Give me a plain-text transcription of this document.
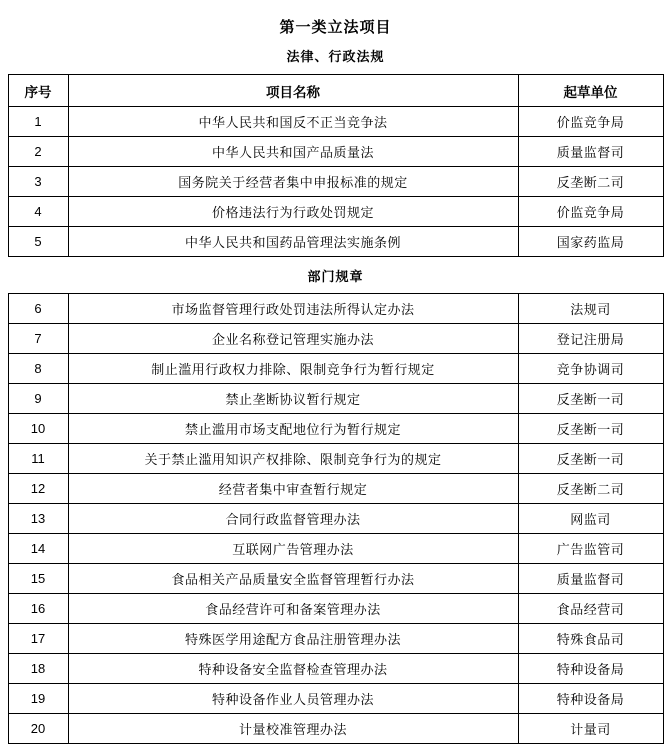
第一类立法项目
法律、行政法规
序号	项目名称	起草单位
1	中华人民共和国反不正当竞争法	价监竞争局
2	中华人民共和国产品质量法	质量监督司
3	国务院关于经营者集中申报标准的规定	反垄断二司
4	价格违法行为行政处罚规定	价监竞争局
5	中华人民共和国药品管理法实施条例	国家药监局
部门规章
6	市场监督管理行政处罚违法所得认定办法	法规司
7	企业名称登记管理实施办法	登记注册局
8	制止滥用行政权力排除、限制竞争行为暂行规定	竞争协调司
9	禁止垄断协议暂行规定	反垄断一司
10	禁止滥用市场支配地位行为暂行规定	反垄断一司
11	关于禁止滥用知识产权排除、限制竞争行为的规定	反垄断一司
12	经营者集中审查暂行规定	反垄断二司
13	合同行政监督管理办法	网监司
14	互联网广告管理办法	广告监管司
15	食品相关产品质量安全监督管理暂行办法	质量监督司
16	食品经营许可和备案管理办法	食品经营司
17	特殊医学用途配方食品注册管理办法	特殊食品司
18	特种设备安全监督检查管理办法	特种设备局
19	特种设备作业人员管理办法	特种设备局
20	计量校准管理办法	计量司
